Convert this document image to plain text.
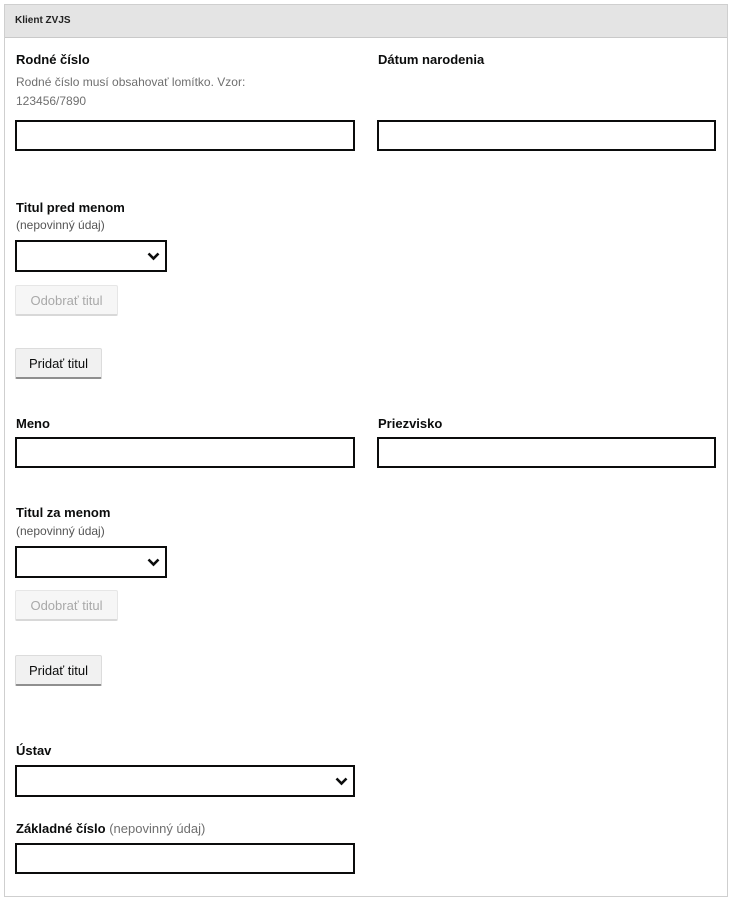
Klient ZVJS
Rodné číslo
Rodné číslo musí obsahovať lomítko. Vzor:
123456/7890
Dátum narodenia
Titul pred menom
(nepovinný údaj)
Odobrať titul
Pridať titul
Meno	Priezvisko
Titul za menom
(nepovinný údaj)
Odobrať titul
Pridať titul
Ústav
Základné číslo (nepovinný údaj)
